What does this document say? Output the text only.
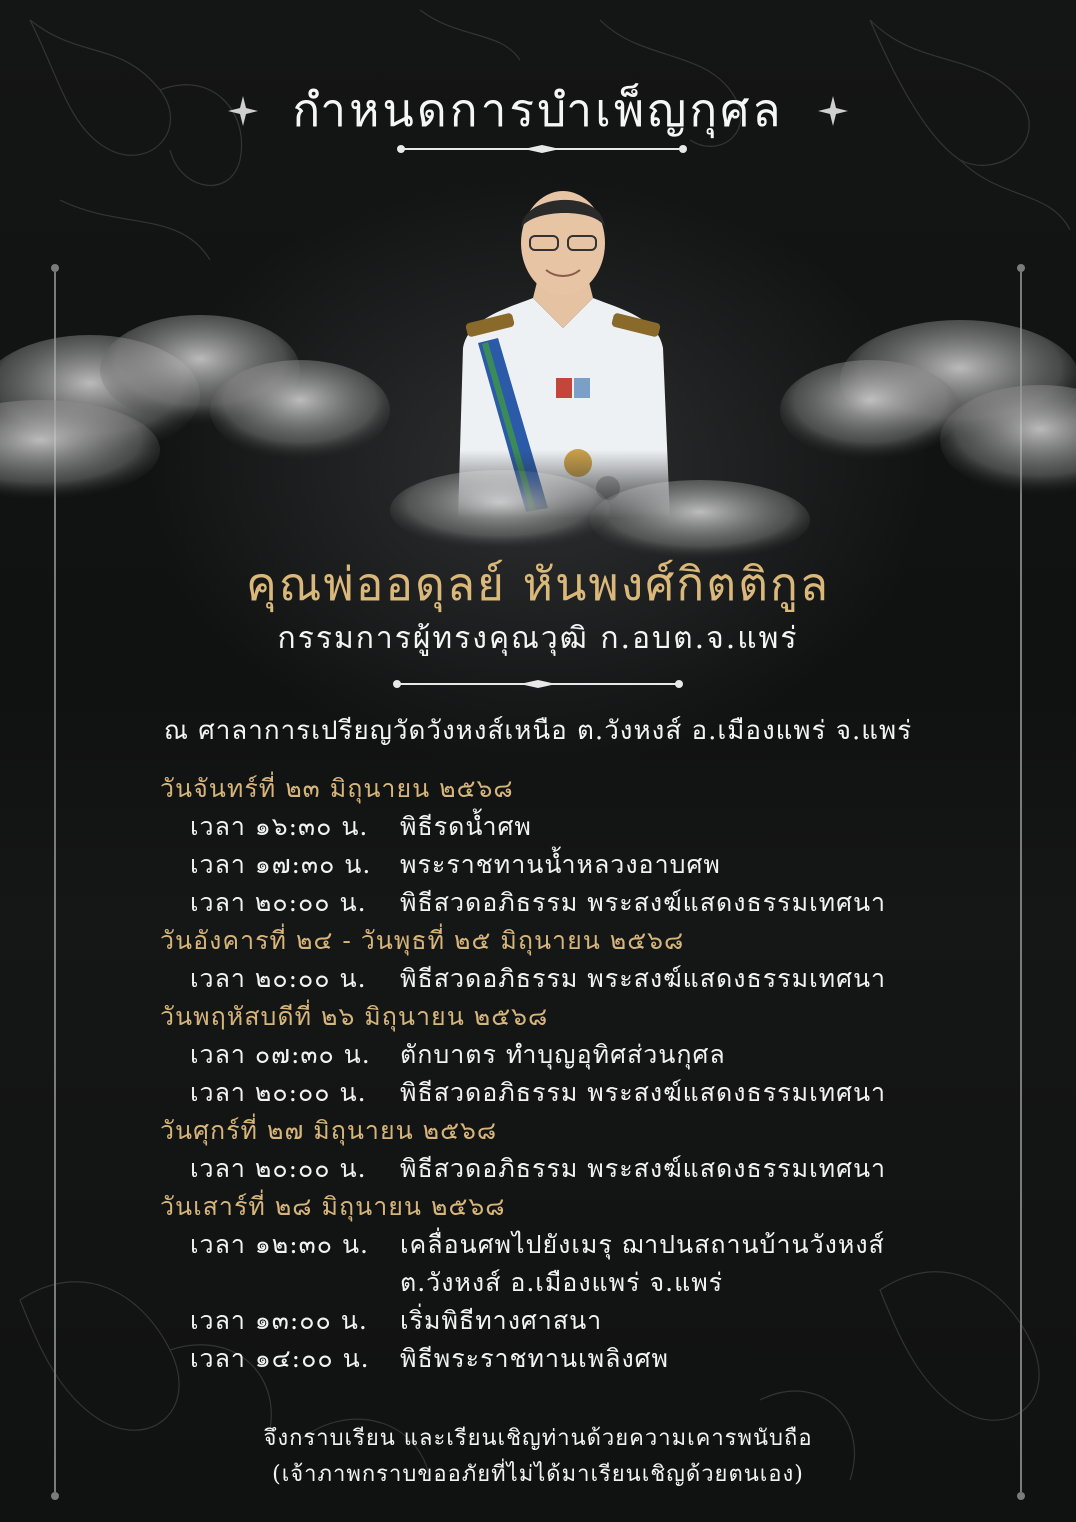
กำหนดการบำเพ็ญกุศล
คุณพ่ออดุลย์ หันพงศ์กิตติกูล
กรรมการผู้ทรงคุณวุฒิ ก.อบต.จ.แพร่
ณ ศาลาการเปรียญวัดวังหงส์เหนือ ต.วังหงส์ อ.เมืองแพร่ จ.แพร่
วันจันทร์ที่ ๒๓ มิถุนายน ๒๕๖๘
เวลา ๑๖:๓๐ น. พิธีรดน้ำศพ
เวลา ๑๗:๓๐ น. พระราชทานน้ำหลวงอาบศพ
เวลา ๒๐:๐๐ น. พิธีสวดอภิธรรม พระสงฆ์แสดงธรรมเทศนา
วันอังคารที่ ๒๔ - วันพุธที่ ๒๕ มิถุนายน ๒๕๖๘
เวลา ๒๐:๐๐ น. พิธีสวดอภิธรรม พระสงฆ์แสดงธรรมเทศนา
วันพฤหัสบดีที่ ๒๖ มิถุนายน ๒๕๖๘
เวลา ๐๗:๓๐ น. ตักบาตร ทำบุญอุทิศส่วนกุศล
เวลา ๒๐:๐๐ น. พิธีสวดอภิธรรม พระสงฆ์แสดงธรรมเทศนา
วันศุกร์ที่ ๒๗ มิถุนายน ๒๕๖๘
เวลา ๒๐:๐๐ น. พิธีสวดอภิธรรม พระสงฆ์แสดงธรรมเทศนา
วันเสาร์ที่ ๒๘ มิถุนายน ๒๕๖๘
เวลา ๑๒:๓๐ น. เคลื่อนศพไปยังเมรุ ฌาปนสถานบ้านวังหงส์
ต.วังหงส์ อ.เมืองแพร่ จ.แพร่
เวลา ๑๓:๐๐ น. เริ่มพิธีทางศาสนา
เวลา ๑๔:๐๐ น. พิธีพระราชทานเพลิงศพ
จึงกราบเรียน และเรียนเชิญท่านด้วยความเคารพนับถือ
(เจ้าภาพกราบขออภัยที่ไม่ได้มาเรียนเชิญด้วยตนเอง)
